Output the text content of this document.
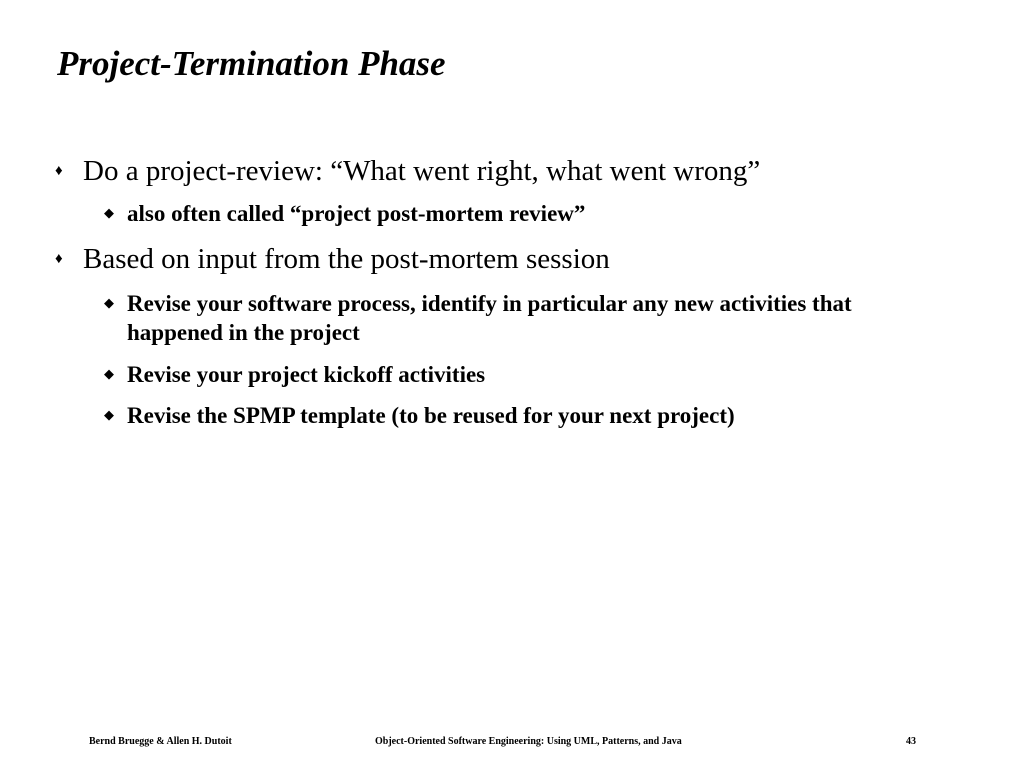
Project-Termination Phase
♦ Do a project-review: “What went right, what went wrong”
◆ also often called “project post-mortem review”
♦ Based on input from the post-mortem session
◆ Revise your software process, identify in particular any new activities that happened in the project
◆ Revise your project kickoff activities
◆ Revise the SPMP template (to be reused for your next project)
Bernd Bruegge & Allen H. Dutoit	Object-Oriented Software Engineering: Using UML, Patterns, and Java	43
